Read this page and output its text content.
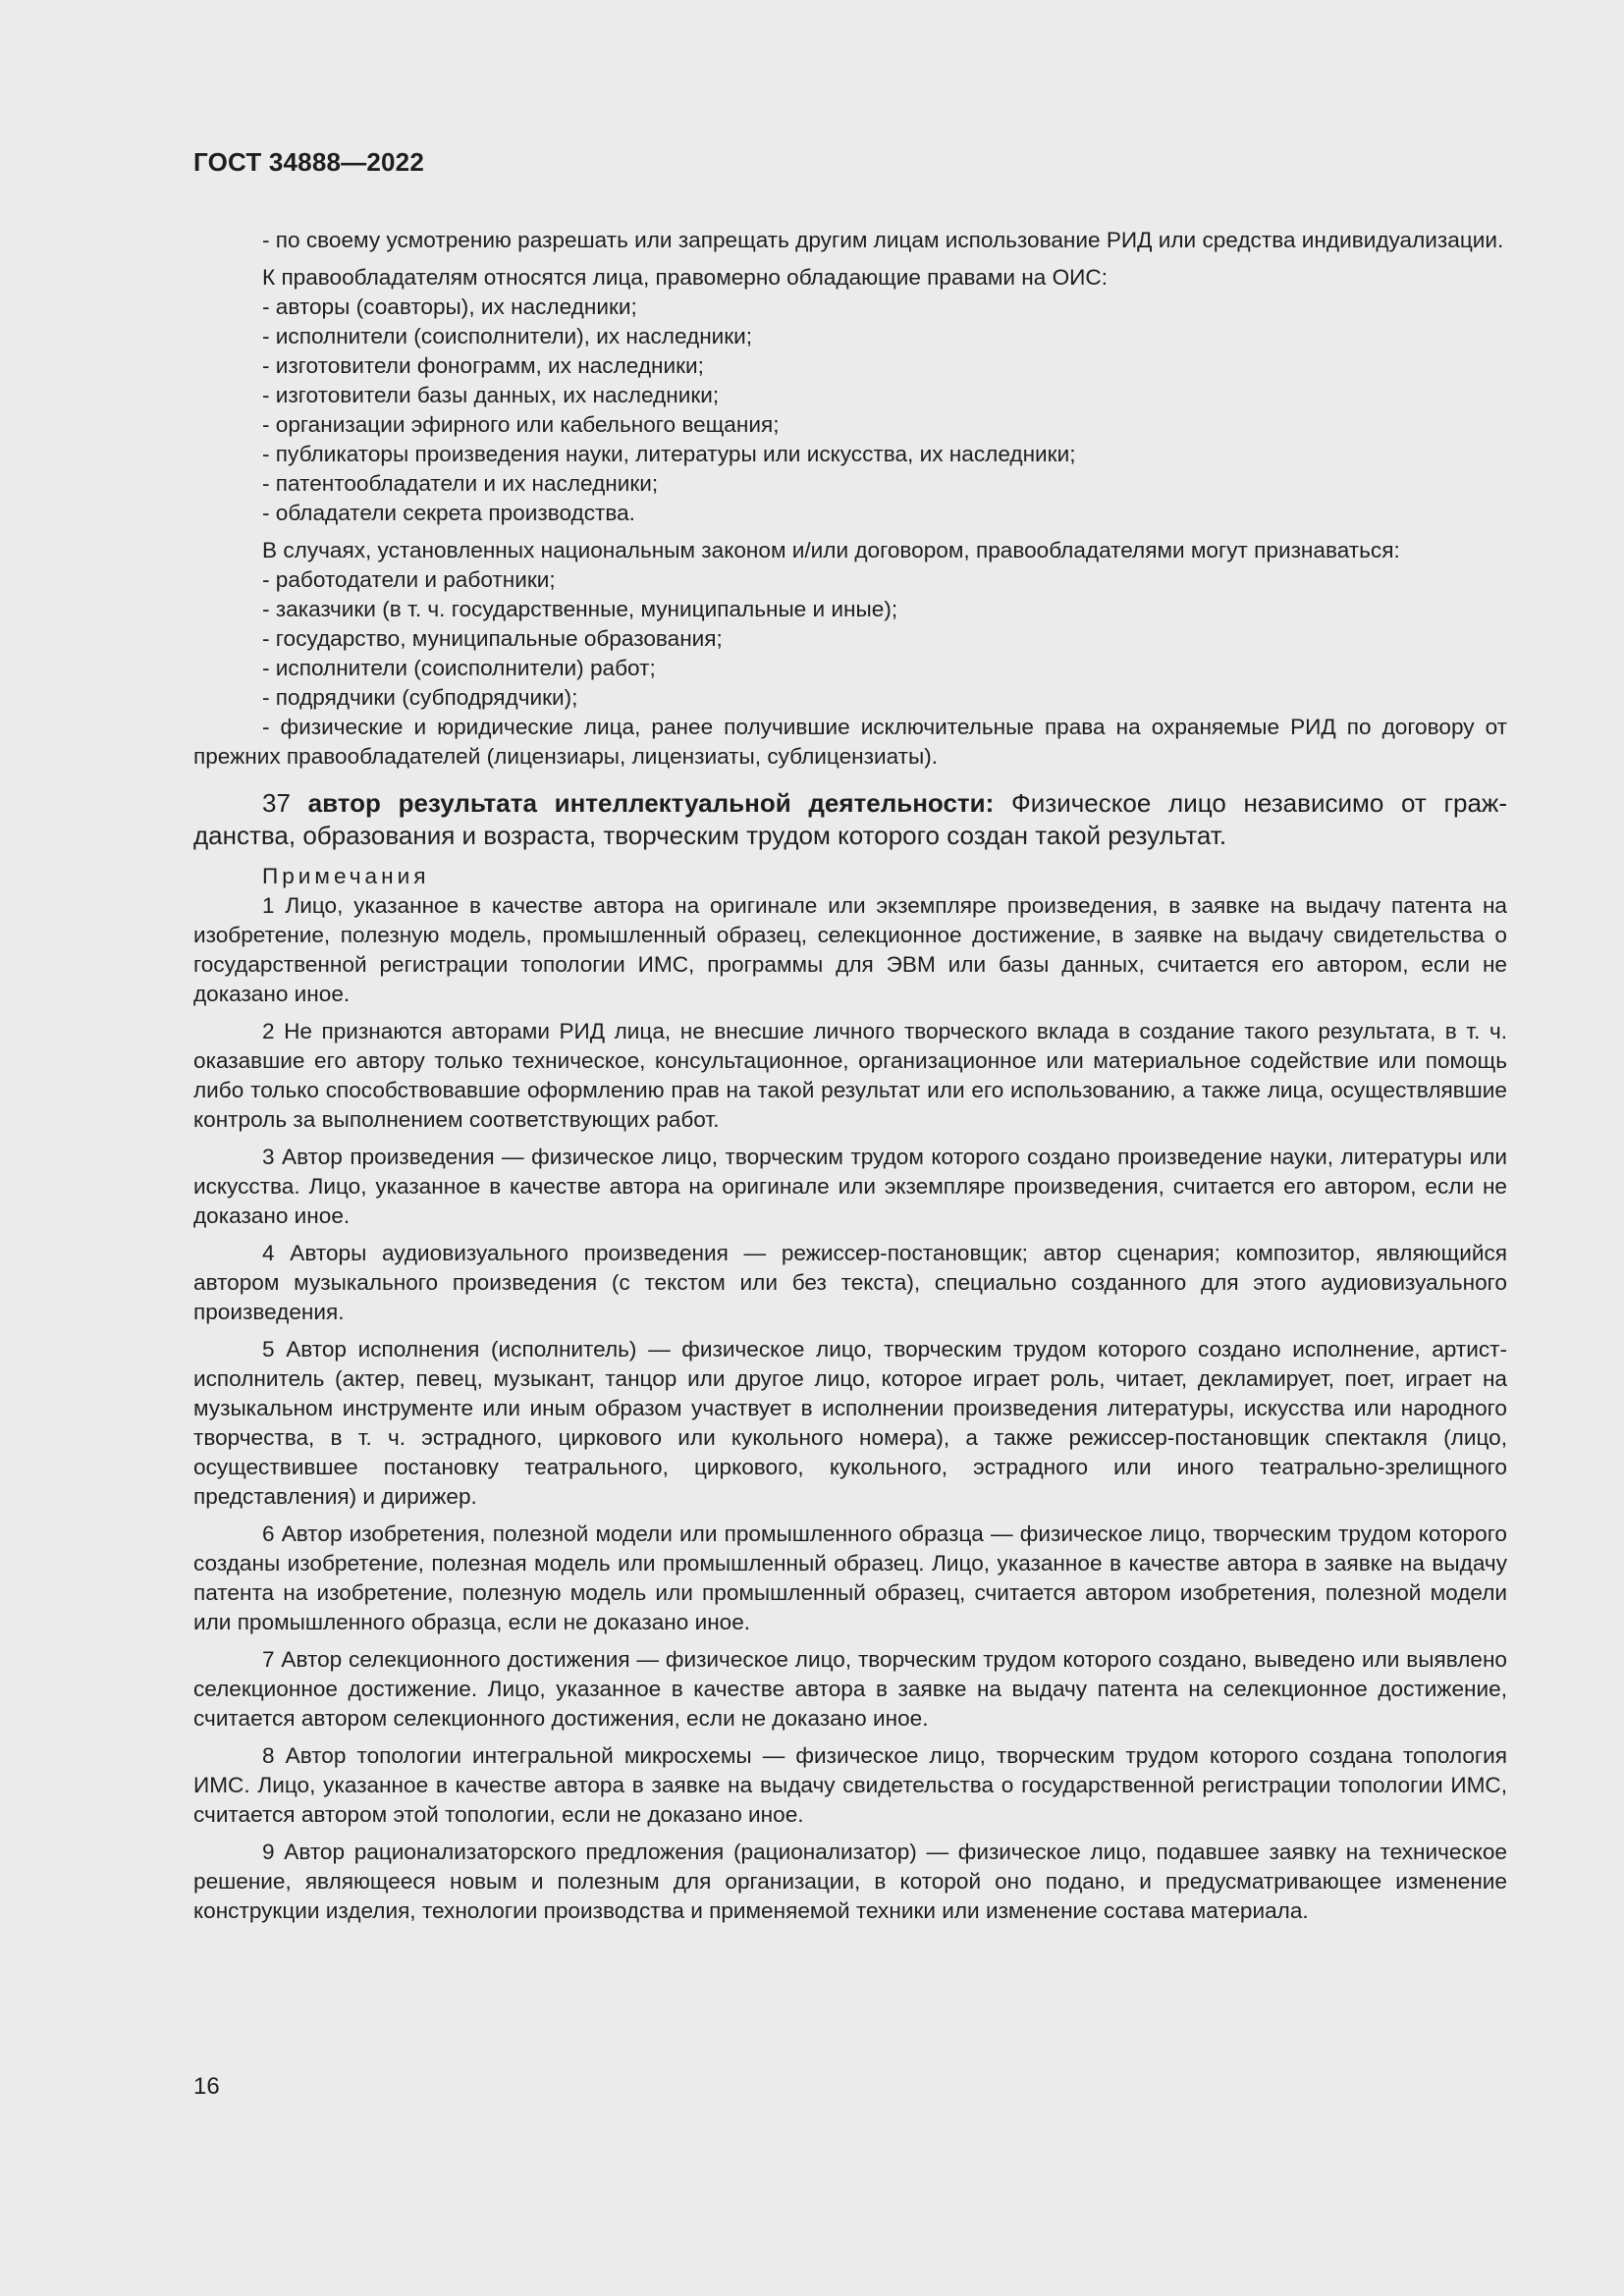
ГОСТ 34888—2022

- по своему усмотрению разрешать или запрещать другим лицам использование РИД или средства индивидуализации.

К правообладателям относятся лица, правомерно обладающие правами на ОИС:

- авторы (соавторы), их наследники;

- исполнители (соисполнители), их наследники;

- изготовители фонограмм, их наследники;

- изготовители базы данных, их наследники;

- организации эфирного или кабельного вещания;

- публикаторы произведения науки, литературы или искусства, их наследники;

- патентообладатели и их наследники;

- обладатели секрета производства.

В случаях, установленных национальным законом и/или договором, правообладателями могут признаваться:

- работодатели и работники;

- заказчики (в т. ч. государственные, муниципальные и иные);

- государство, муниципальные образования;

- исполнители (соисполнители) работ;

- подрядчики (субподрядчики);

- физические и юридические лица, ранее получившие исключительные права на охраняемые РИД по договору от прежних правообладателей (лицензиары, лицензиаты, сублицензиаты).

37 автор результата интеллектуальной деятельности: Физическое лицо независимо от гражданства, образования и возраста, творческим трудом которого создан такой результат.

Примечания

1 Лицо, указанное в качестве автора на оригинале или экземпляре произведения, в заявке на выдачу патента на изобретение, полезную модель, промышленный образец, селекционное достижение, в заявке на выдачу свидетельства о государственной регистрации топологии ИМС, программы для ЭВМ или базы данных, считается его автором, если не доказано иное.

2 Не признаются авторами РИД лица, не внесшие личного творческого вклада в создание такого результата, в т. ч. оказавшие его автору только техническое, консультационное, организационное или материальное содействие или помощь либо только способствовавшие оформлению прав на такой результат или его использованию, а также лица, осуществлявшие контроль за выполнением соответствующих работ.

3 Автор произведения — физическое лицо, творческим трудом которого создано произведение науки, литературы или искусства. Лицо, указанное в качестве автора на оригинале или экземпляре произведения, считается его автором, если не доказано иное.

4 Авторы аудиовизуального произведения — режиссер-постановщик; автор сценария; композитор, являющийся автором музыкального произведения (с текстом или без текста), специально созданного для этого аудиовизуального произведения.

5 Автор исполнения (исполнитель) — физическое лицо, творческим трудом которого создано исполнение, артист-исполнитель (актер, певец, музыкант, танцор или другое лицо, которое играет роль, читает, декламирует, поет, играет на музыкальном инструменте или иным образом участвует в исполнении произведения литературы, искусства или народного творчества, в т. ч. эстрадного, циркового или кукольного номера), а также режиссер-постановщик спектакля (лицо, осуществившее постановку театрального, циркового, кукольного, эстрадного или иного театрально-зрелищного представления) и дирижер.

6 Автор изобретения, полезной модели или промышленного образца — физическое лицо, творческим трудом которого созданы изобретение, полезная модель или промышленный образец. Лицо, указанное в качестве автора в заявке на выдачу патента на изобретение, полезную модель или промышленный образец, считается автором изобретения, полезной модели или промышленного образца, если не доказано иное.

7 Автор селекционного достижения — физическое лицо, творческим трудом которого создано, выведено или выявлено селекционное достижение. Лицо, указанное в качестве автора в заявке на выдачу патента на селекционное достижение, считается автором селекционного достижения, если не доказано иное.

8 Автор топологии интегральной микросхемы — физическое лицо, творческим трудом которого создана топология ИМС. Лицо, указанное в качестве автора в заявке на выдачу свидетельства о государственной регистрации топологии ИМС, считается автором этой топологии, если не доказано иное.

9 Автор рационализаторского предложения (рационализатор) — физическое лицо, подавшее заявку на техническое решение, являющееся новым и полезным для организации, в которой оно подано, и предусматривающее изменение конструкции изделия, технологии производства и применяемой техники или изменение состава материала.

16
